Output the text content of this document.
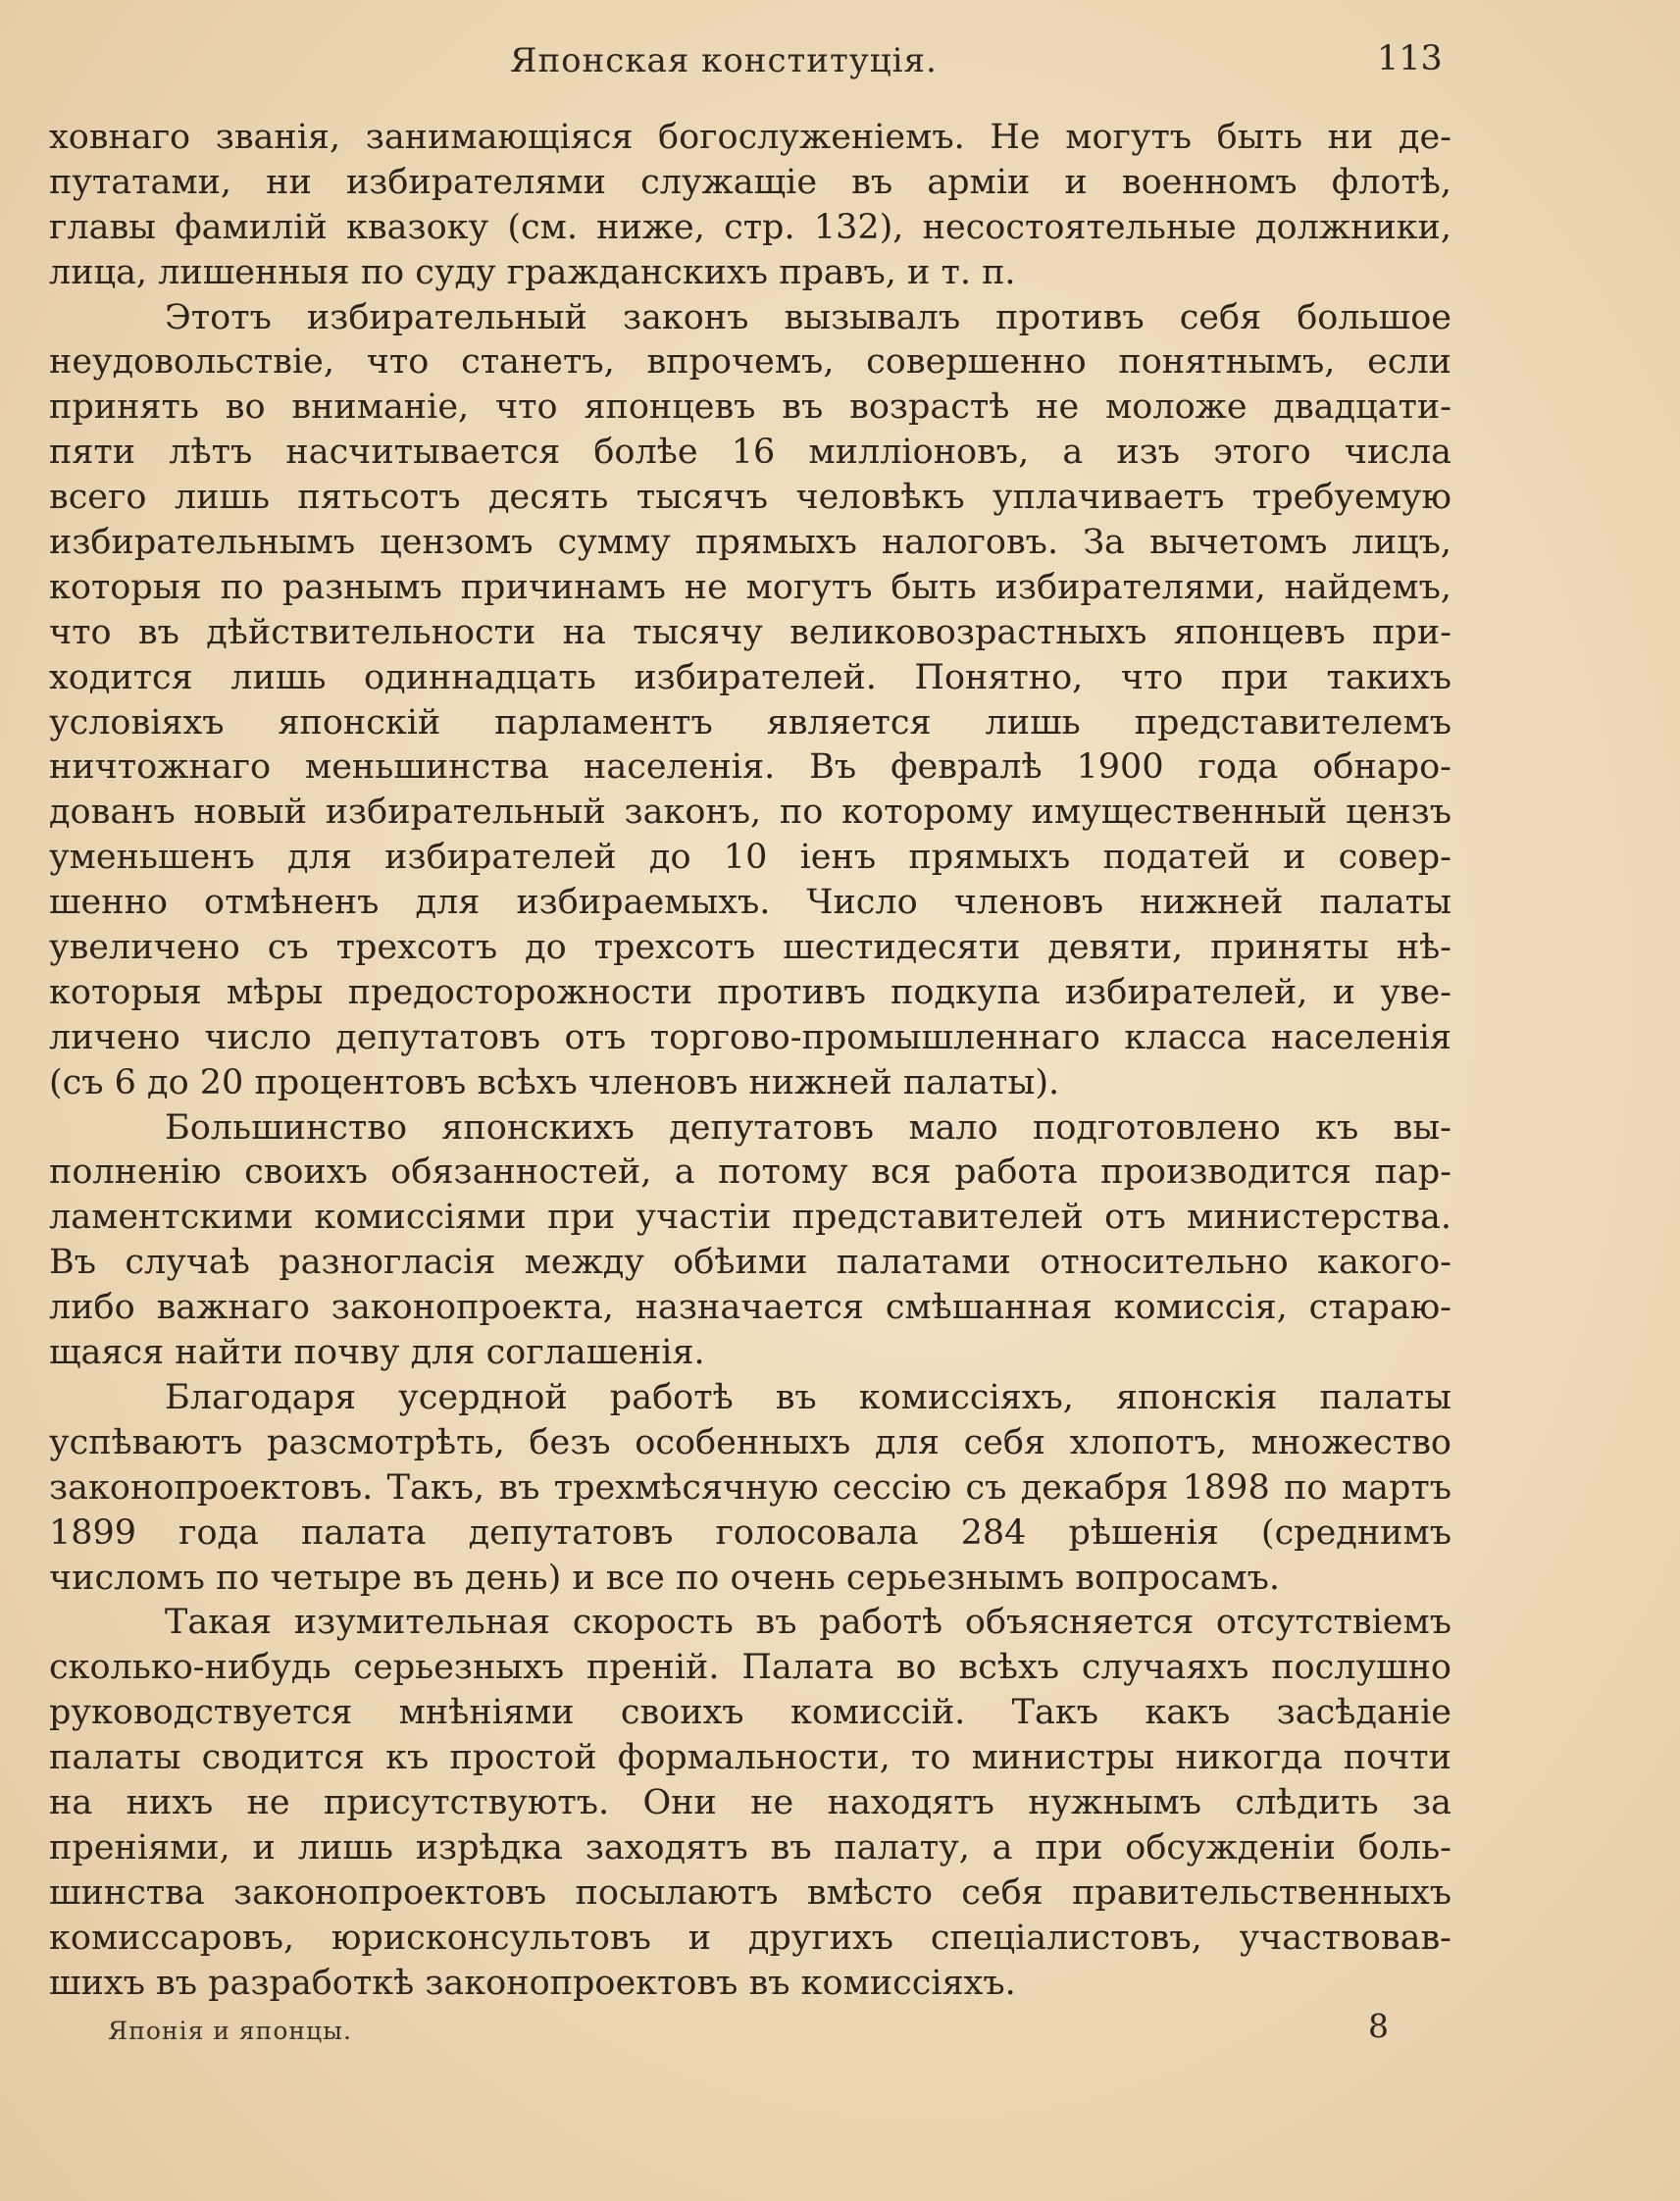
Японская конституція.	113
ховнаго званія, занимающіяся богослуженіемъ. Не могутъ быть ни де-
путатами, ни избирателями служащіе въ арміи и военномъ флотѣ,
главы фамилій квазоку (см. ниже, стр. 132), несостоятельные должники,
лица, лишенныя по суду гражданскихъ правъ, и т. п.
Этотъ избирательный законъ вызывалъ противъ себя большое
неудовольствіе, что станетъ, впрочемъ, совершенно понятнымъ, если
принять во вниманіе, что японцевъ въ возрастѣ не моложе двадцати-
пяти лѣтъ насчитывается болѣе 16 милліоновъ, а изъ этого числа
всего лишь пятьсотъ десять тысячъ человѣкъ уплачиваетъ требуемую
избирательнымъ цензомъ сумму прямыхъ налоговъ. За вычетомъ лицъ,
которыя по разнымъ причинамъ не могутъ быть избирателями, найдемъ,
что въ дѣйствительности на тысячу великовозрастныхъ японцевъ при-
ходится лишь одиннадцать избирателей. Понятно, что при такихъ
условіяхъ японскій парламентъ является лишь представителемъ
ничтожнаго меньшинства населенія. Въ февралѣ 1900 года обнаро-
дованъ новый избирательный законъ, по которому имущественный цензъ
уменьшенъ для избирателей до 10 іенъ прямыхъ податей и совер-
шенно отмѣненъ для избираемыхъ. Число членовъ нижней палаты
увеличено съ трехсотъ до трехсотъ шестидесяти девяти, приняты нѣ-
которыя мѣры предосторожности противъ подкупа избирателей, и уве-
личено число депутатовъ отъ торгово-промышленнаго класса населенія
(съ 6 до 20 процентовъ всѣхъ членовъ нижней палаты).
Большинство японскихъ депутатовъ мало подготовлено къ вы-
полненію своихъ обязанностей, а потому вся работа производится пар-
ламентскими комиссіями при участіи представителей отъ министерства.
Въ случаѣ разногласія между обѣими палатами относительно какого-
либо важнаго законопроекта, назначается смѣшанная комиссія, стараю-
щаяся найти почву для соглашенія.
Благодаря усердной работѣ въ комиссіяхъ, японскія палаты
успѣваютъ разсмотрѣть, безъ особенныхъ для себя хлопотъ, множество
законопроектовъ. Такъ, въ трехмѣсячную сессію съ декабря 1898 по мартъ
1899 года палата депутатовъ голосовала 284 рѣшенія (среднимъ
числомъ по четыре въ день) и все по очень серьезнымъ вопросамъ.
Такая изумительная скорость въ работѣ объясняется отсутствіемъ
сколько-нибудь серьезныхъ преній. Палата во всѣхъ случаяхъ послушно
руководствуется мнѣніями своихъ комиссій. Такъ какъ засѣданіе
палаты сводится къ простой формальности, то министры никогда почти
на нихъ не присутствуютъ. Они не находятъ нужнымъ слѣдить за
преніями, и лишь изрѣдка заходятъ въ палату, а при обсужденіи боль-
шинства законопроектовъ посылаютъ вмѣсто себя правительственныхъ
комиссаровъ, юрисконсультовъ и другихъ спеціалистовъ, участвовав-
шихъ въ разработкѣ законопроектовъ въ комиссіяхъ.
Японія и японцы.	8
